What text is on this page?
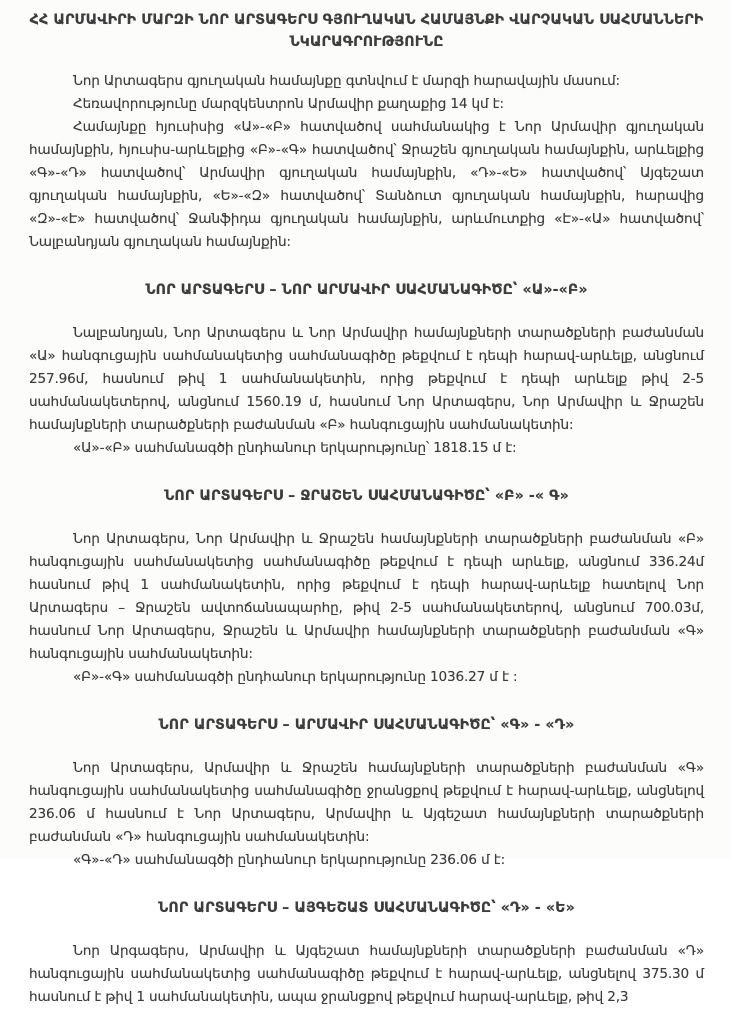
ՀՀ ԱՐՄԱՎԻՐԻ ՄԱՐԶԻ ՆՈՐ ԱՐՏԱԳԵՐՍ ԳՅՈՒՂԱԿԱՆ ՀԱՄԱՅՆՔԻ ՎԱՐՉԱԿԱՆ ՍԱՀՄԱՆՆԵՐԻ ՆԿԱՐԱԳՐՈՒԹՅՈՒՆԸ

Նոր Արտագերս գյուղական համայնքը գտնվում է մարզի հարավային մասում:

Հեռավորությունը մարզկենտրոն Արմավիր քաղաքից 14 կմ է:

Համայնքը հյուսիսից «Ա»-«Բ» հատվածով սահմանակից է Նոր Արմավիր գյուղական համայնքին, հյուսիս-արևելքից «Բ»-«Գ» հատվածով՝ Ջրաշեն գյուղական համայնքին, արևելքից «Գ»-«Դ» հատվածով՝ Արմավիր գյուղական համայնքին, «Դ»-«Ե» հատվածով՝ Այգեշատ գյուղական համայնքին, «Ե»-«Զ» հատվածով՝ Տանձուտ գյուղական համայնքին, հարավից «Զ»-«Է» հատվածով՝ Ջանֆիդա գյուղական համայնքին, արևմուտքից «Է»-«Ա» հատվածով՝ Նալբանդյան գյուղական համայնքին:

ՆՈՐ ԱՐՏԱԳԵՐՍ – ՆՈՐ ԱՐՄԱՎԻՐ ՍԱՀՄԱՆԱԳԻԾԸ՝ «Ա»-«Բ»

Նալբանդյան, Նոր Արտագերս և Նոր Արմավիր համայնքների տարածքների բաժանման «Ա» հանգուցային սահմանակետից սահմանագիծը թեքվում է դեպի հարավ-արևելք, անցնում 257.96մ, հասնում թիվ 1 սահմանակետին, որից թեքվում է դեպի արևելք թիվ 2-5 սահմանակետերով, անցնում 1560.19 մ, հասնում Նոր Արտագերս, Նոր Արմավիր և Ջրաշեն համայնքների տարածքների բաժանման «Բ» հանգուցային սահմանակետին:

«Ա»-«Բ» սահմանագծի ընդհանուր երկարությունը՝ 1818.15 մ է:

ՆՈՐ ԱՐՏԱԳԵՐՍ – ՋՐԱՇԵՆ ՍԱՀՄԱՆԱԳԻԾԸ՝ «Բ» -« Գ»

Նոր Արտագերս, Նոր Արմավիր և Ջրաշեն համայնքների տարածքների բաժանման «Բ» հանգուցային սահմանակետից սահմանագիծը թեքվում է դեպի արևելք, անցնում 336.24մ հասնում թիվ 1 սահմանակետին, որից թեքվում է դեպի հարավ-արևելք հատելով Նոր Արտագերս – Ջրաշեն ավտոճանապարհը, թիվ 2-5 սահմանակետերով, անցնում 700.03մ, հասնում Նոր Արտագերս, Ջրաշեն և Արմավիր համայնքների տարածքների բաժանման «Գ» հանգուցային սահմանակետին:

«Բ»-«Գ» սահմանագծի ընդհանուր երկարությունը 1036.27 մ է :

ՆՈՐ ԱՐՏԱԳԵՐՍ – ԱՐՄԱՎԻՐ ՍԱՀՄԱՆԱԳԻԾԸ՝ «Գ» - «Դ»

Նոր Արտագերս, Արմավիր և Ջրաշեն համայնքների տարածքների բաժանման «Գ» հանգուցային սահմանակետից սահմանագիծը ջրանցքով թեքվում է հարավ-արևելք, անցնելով 236.06 մ հասնում է Նոր Արտագերս, Արմավիր և Այգեշատ համայնքների տարածքների բաժանման «Դ» հանգուցային սահմանակետին:

«Գ»-«Դ» սահմանագծի ընդհանուր երկարությունը 236.06 մ է:

ՆՈՐ ԱՐՏԱԳԵՐՍ – ԱՅԳԵՇԱՏ ՍԱՀՄԱՆԱԳԻԾԸ՝ «Դ» - «Ե»

Նոր Արգագերս, Արմավիր և Այգեշատ համայնքների տարածքների բաժանման «Դ» հանգուցային սահմանակետից սահմանագիծը թեքվում է հարավ-արևելք, անցնելով 375.30 մ հասնում է թիվ 1 սահմանակետին, ապա ջրանցքով թեքվում հարավ-արևելք, թիվ 2,3
